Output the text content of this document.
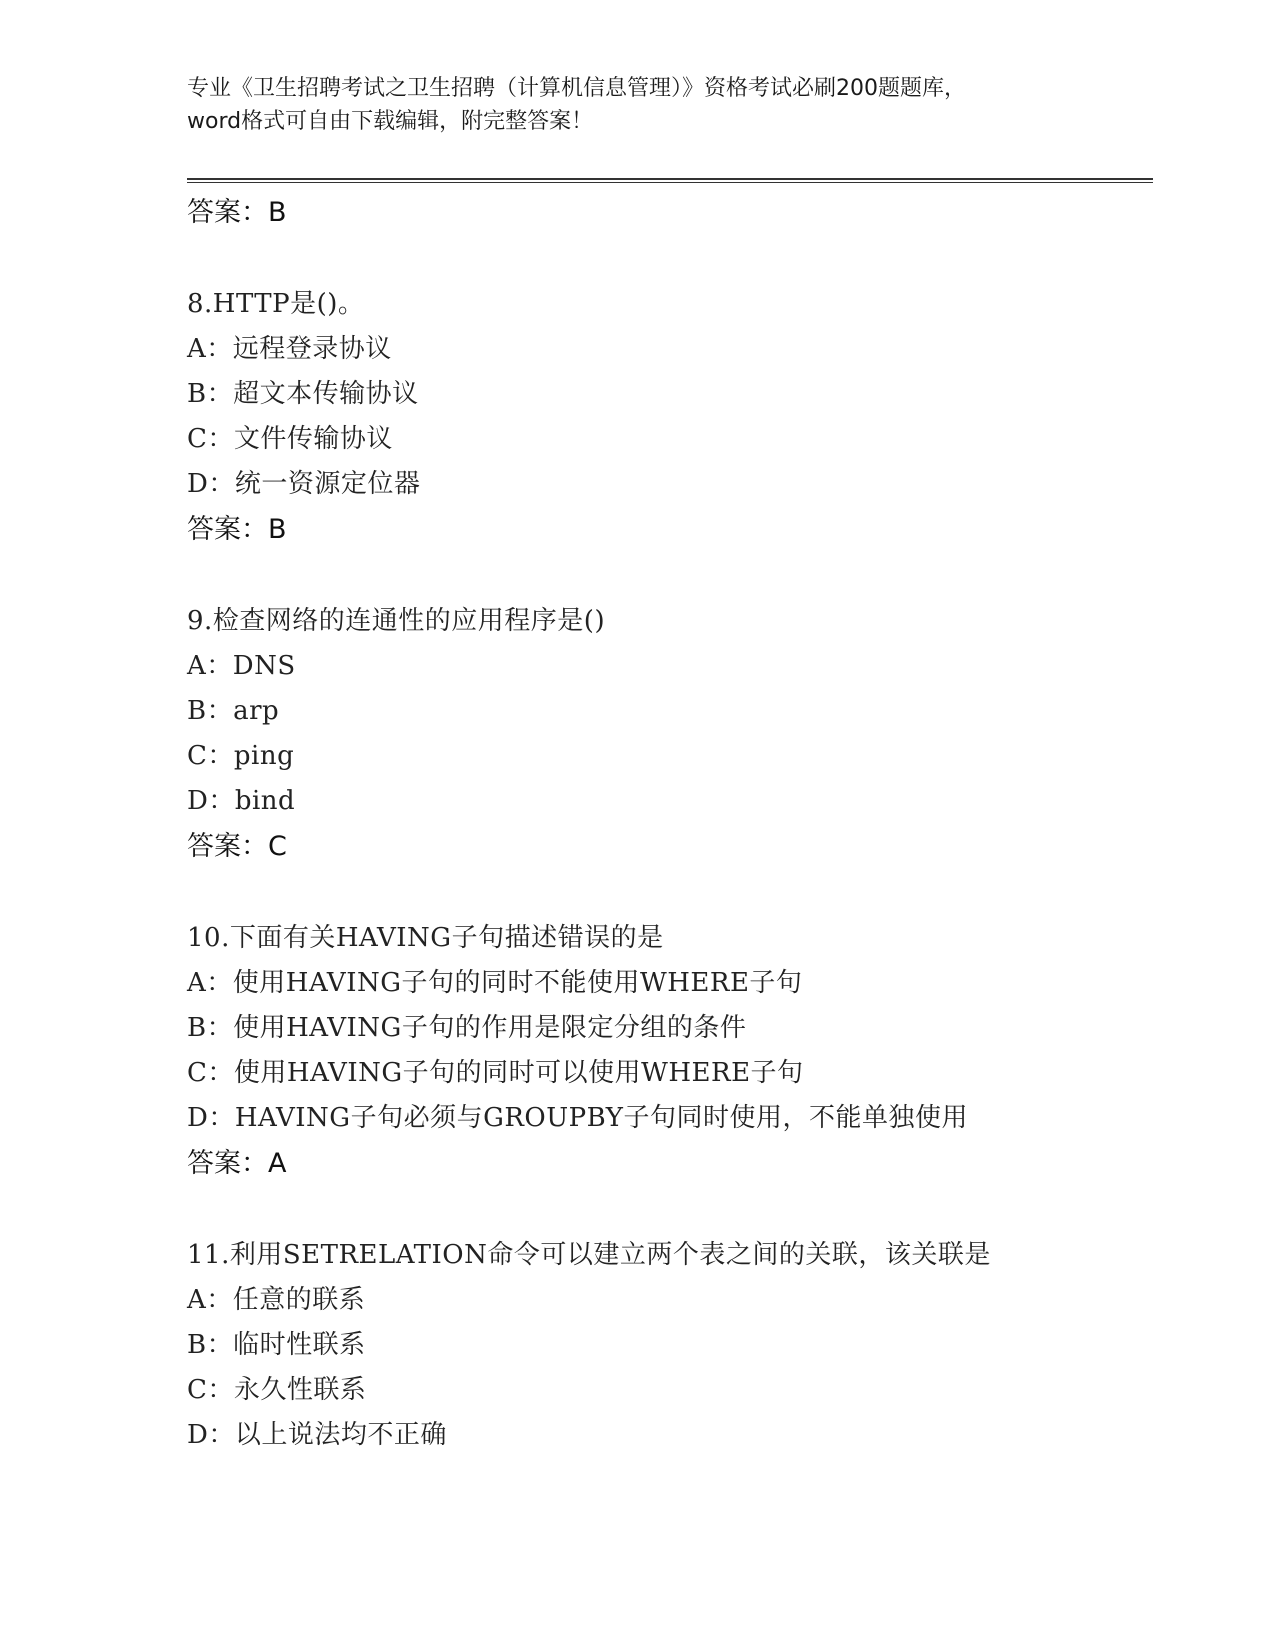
专业《卫生招聘考试之卫生招聘（计算机信息管理）》资格考试必刷200题题库，
word格式可自由下载编辑，附完整答案！
答案：B
8.HTTP是()。
A：远程登录协议
B：超文本传输协议
C：文件传输协议
D：统一资源定位器
答案：B
9.检查网络的连通性的应用程序是()
A：DNS
B：arp
C：ping
D：bind
答案：C
10.下面有关HAVING子句描述错误的是
A：使用HAVING子句的同时不能使用WHERE子句
B：使用HAVING子句的作用是限定分组的条件
C：使用HAVING子句的同时可以使用WHERE子句
D：HAVING子句必须与GROUPBY子句同时使用，不能单独使用
答案：A
11.利用SETRELATION命令可以建立两个表之间的关联，该关联是
A：任意的联系
B：临时性联系
C：永久性联系
D：以上说法均不正确
